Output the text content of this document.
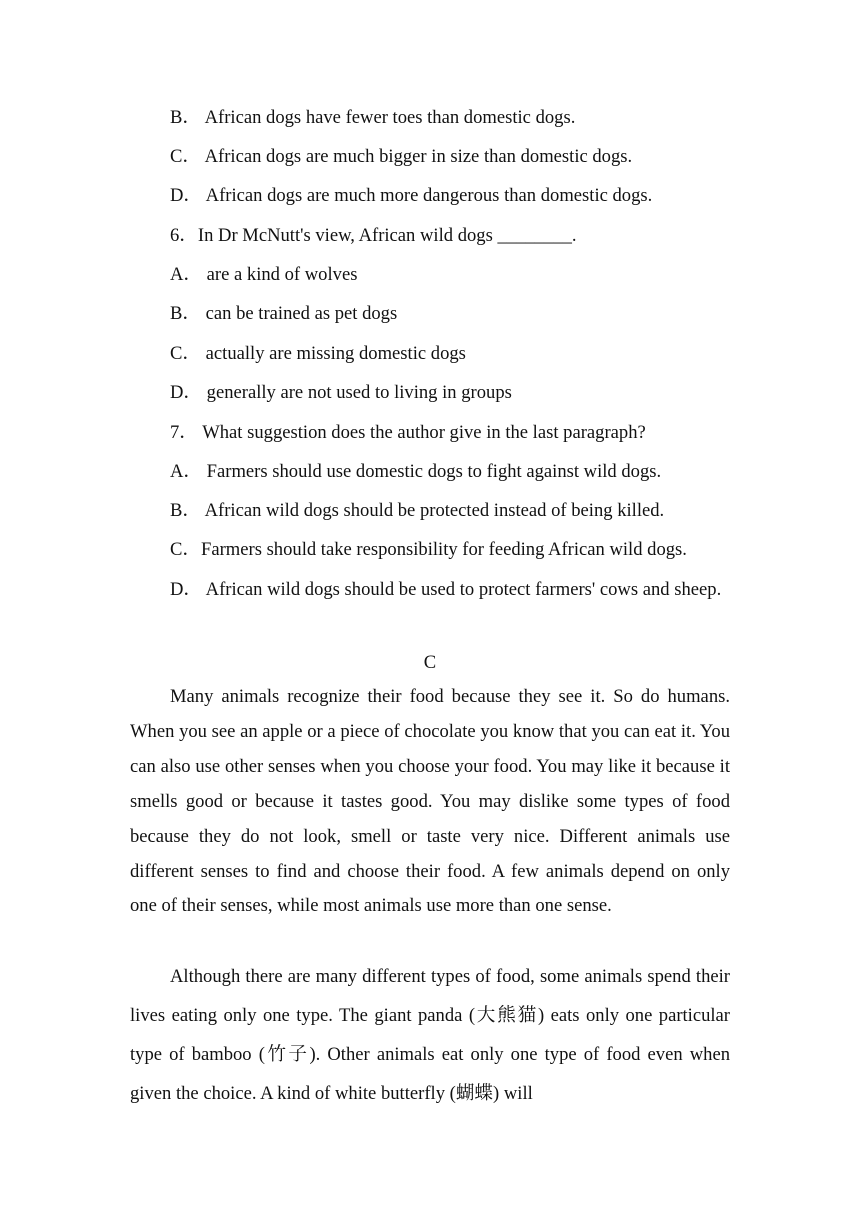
B． African dogs have fewer toes than domestic dogs.

C． African dogs are much bigger in size than domestic dogs.

D． African dogs are much more dangerous than domestic dogs.

6．In Dr McNutt's view, African wild dogs ________.

A． are a kind of wolves

B． can be trained as pet dogs

C． actually are missing domestic dogs

D． generally are not used to living in groups

7． What suggestion does the author give in the last paragraph?

A． Farmers should use domestic dogs to fight against wild dogs.

B． African wild dogs should be protected instead of being killed.

C．Farmers should take responsibility for feeding African wild dogs.

D． African wild dogs should be used to protect farmers' cows and sheep.

C

Many animals recognize their food because they see it. So do humans. When you see an apple or a piece of chocolate you know that you can eat it. You can also use other senses when you choose your food. You may like it because it smells good or because it tastes good. You may dislike some types of food because they do not look, smell or taste very nice. Different animals use different senses to find and choose their food. A few animals depend on only one of their senses, while most animals use more than one sense.

Although there are many different types of food, some animals spend their lives eating only one type. The giant panda (大熊猫) eats only one particular type of bamboo (竹子). Other animals eat only one type of food even when given the choice. A kind of white butterfly (蝴蝶) will
